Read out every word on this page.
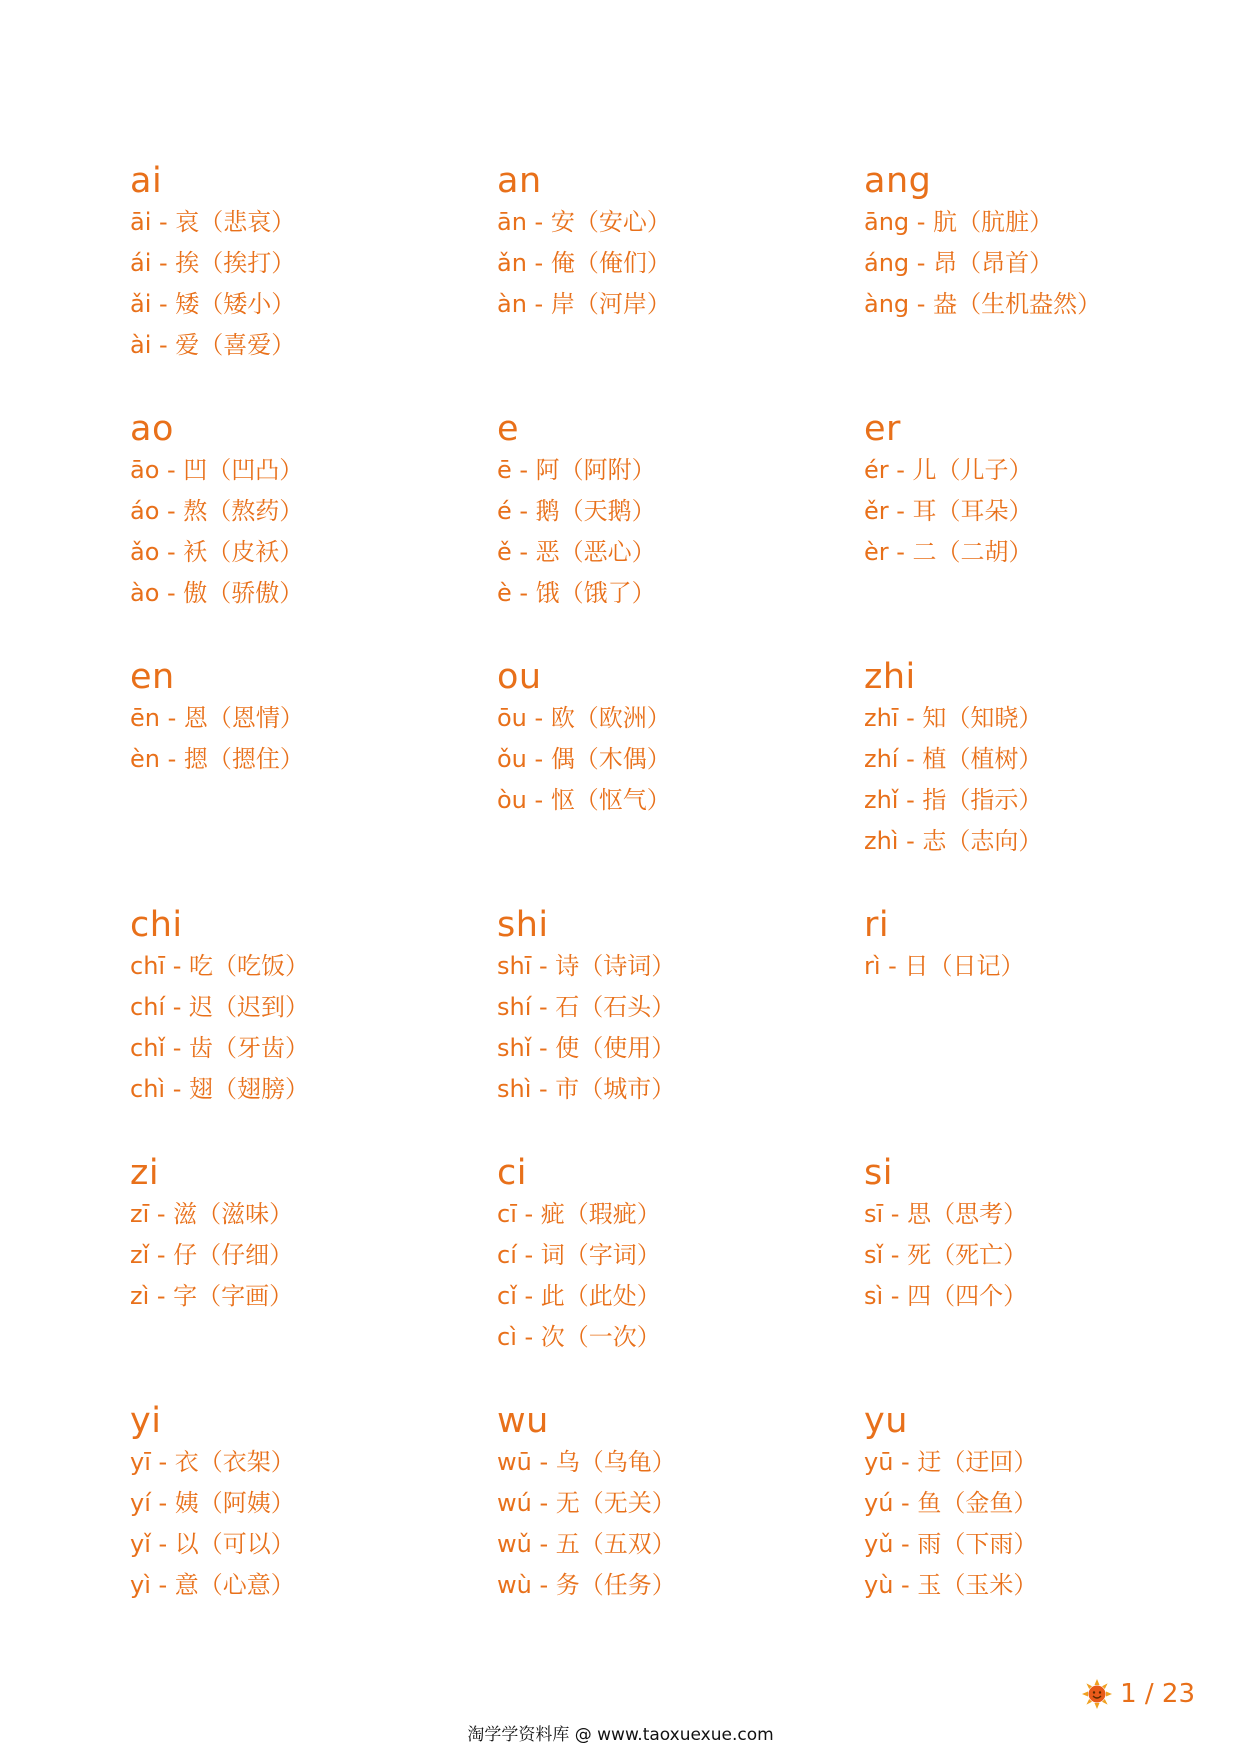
ai
āi - 哀（悲哀）
ái - 挨（挨打）
ǎi - 矮（矮小）
ài - 爱（喜爱）
an
ān - 安（安心）
ǎn - 俺（俺们）
àn - 岸（河岸）
ang
āng - 肮（肮脏）
áng - 昂（昂首）
àng - 盎（生机盎然）
ao
āo - 凹（凹凸）
áo - 熬（熬药）
ǎo - 袄（皮袄）
ào - 傲（骄傲）
e
ē - 阿（阿附）
é - 鹅（天鹅）
ě - 恶（恶心）
è - 饿（饿了）
er
ér - 儿（儿子）
ěr - 耳（耳朵）
èr - 二（二胡）
en
ēn - 恩（恩情）
èn - 摁（摁住）
ou
ōu - 欧（欧洲）
ǒu - 偶（木偶）
òu - 怄（怄气）
zhi
zhī - 知（知晓）
zhí - 植（植树）
zhǐ - 指（指示）
zhì - 志（志向）
chi
chī - 吃（吃饭）
chí - 迟（迟到）
chǐ - 齿（牙齿）
chì - 翅（翅膀）
shi
shī - 诗（诗词）
shí - 石（石头）
shǐ - 使（使用）
shì - 市（城市）
ri
rì - 日（日记）
zi
zī - 滋（滋味）
zǐ - 仔（仔细）
zì - 字（字画）
ci
cī - 疵（瑕疵）
cí - 词（字词）
cǐ - 此（此处）
cì - 次（一次）
si
sī - 思（思考）
sǐ - 死（死亡）
sì - 四（四个）
yi
yī - 衣（衣架）
yí - 姨（阿姨）
yǐ - 以（可以）
yì - 意（心意）
wu
wū - 乌（乌龟）
wú - 无（无关）
wǔ - 五（五双）
wù - 务（任务）
yu
yū - 迂（迂回）
yú - 鱼（金鱼）
yǔ - 雨（下雨）
yù - 玉（玉米）
1 / 23
淘学学资料库 @ www.taoxuexue.com
